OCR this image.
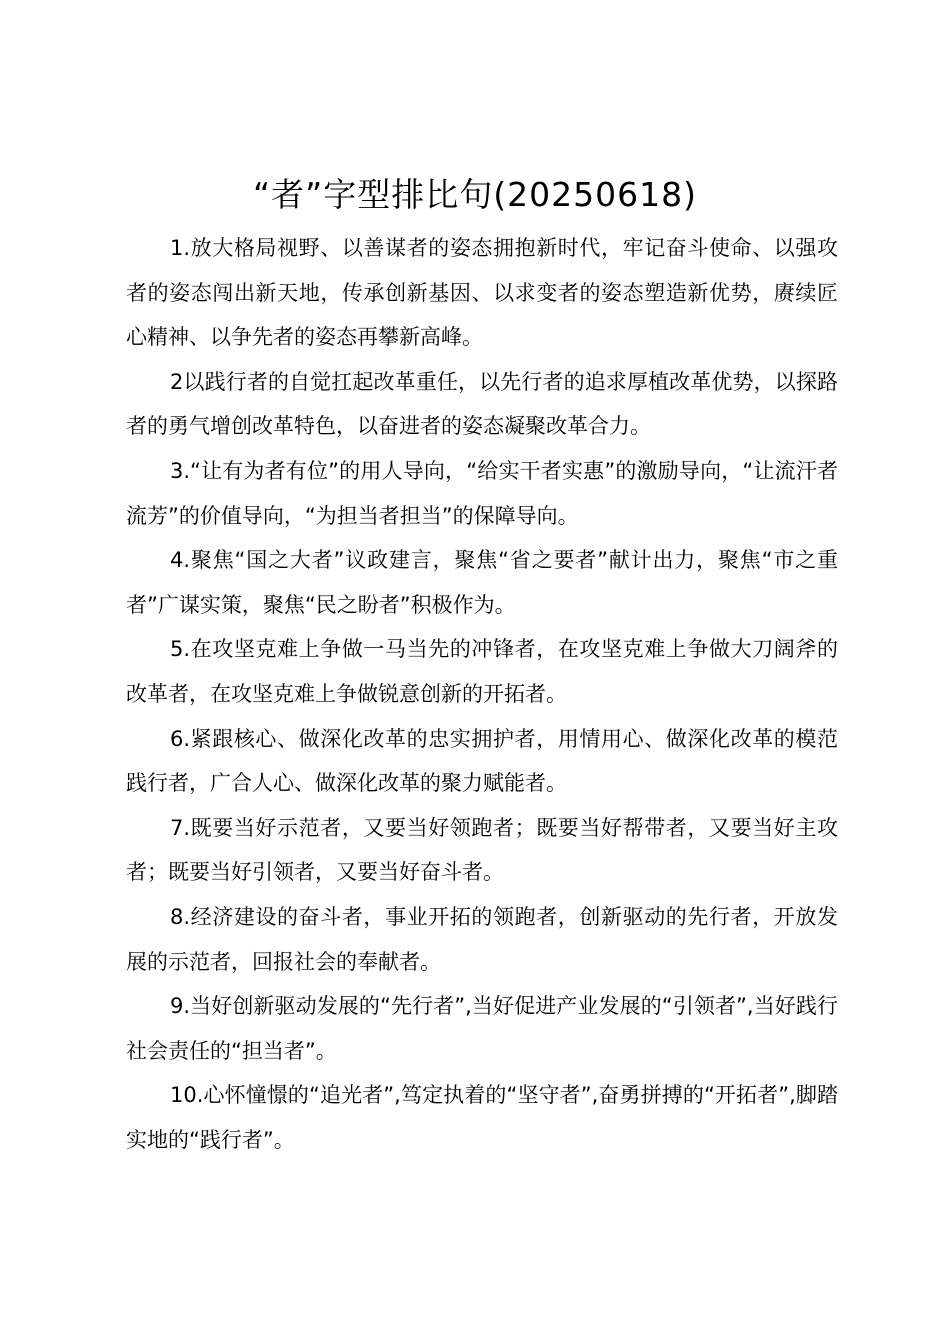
“者”字型排比句(20250618)

1.放大格局视野、以善谋者的姿态拥抱新时代，牢记奋斗使命、以强攻者的姿态闯出新天地，传承创新基因、以求变者的姿态塑造新优势，赓续匠心精神、以争先者的姿态再攀新高峰。

2以践行者的自觉扛起改革重任，以先行者的追求厚植改革优势，以探路者的勇气增创改革特色，以奋进者的姿态凝聚改革合力。

3.“让有为者有位”的用人导向，“给实干者实惠”的激励导向，“让流汗者流芳”的价值导向，“为担当者担当”的保障导向。

4.聚焦“国之大者”议政建言，聚焦“省之要者”献计出力，聚焦“市之重者”广谋实策，聚焦“民之盼者”积极作为。

5.在攻坚克难上争做一马当先的冲锋者，在攻坚克难上争做大刀阔斧的改革者，在攻坚克难上争做锐意创新的开拓者。

6.紧跟核心、做深化改革的忠实拥护者，用情用心、做深化改革的模范践行者，广合人心、做深化改革的聚力赋能者。

7.既要当好示范者，又要当好领跑者；既要当好帮带者，又要当好主攻者；既要当好引领者，又要当好奋斗者。

8.经济建设的奋斗者，事业开拓的领跑者，创新驱动的先行者，开放发展的示范者，回报社会的奉献者。

9.当好创新驱动发展的“先行者”,当好促进产业发展的“引领者”,当好践行社会责任的“担当者”。

10.心怀憧憬的“追光者”,笃定执着的“坚守者”,奋勇拼搏的“开拓者”,脚踏实地的“践行者”。
